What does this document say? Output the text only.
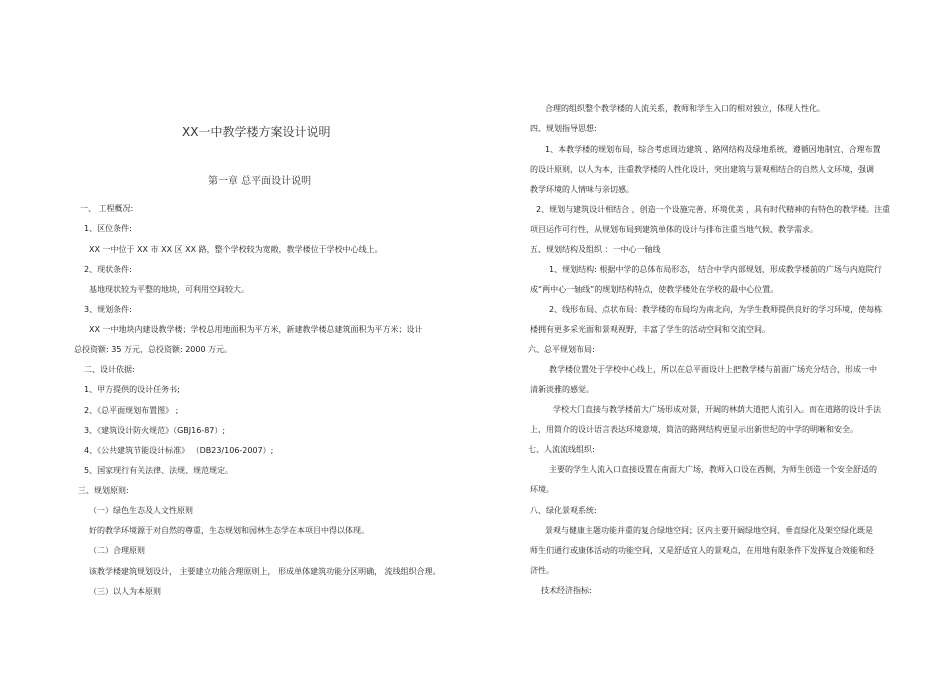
XX一中教学楼方案设计说明

第一章 总平面设计说明

一、 工程概况:

1、区位条件:

XX 一中位于 XX 市 XX 区 XX 路，整个学校较为宽敞，教学楼位于学校中心线上。

2、现状条件:

基地现状较为平整的地块，可利用空间较大。

3、规划条件:

XX 一中地块内建设教学楼；学校总用地面积为平方米，新建教学楼总建筑面积为平方米；设计

总投资额: 35 万元，总投资额: 2000 万元。

二、设计依据:

1、甲方提供的设计任务书;

2、《总平面规划布置图》 ;

3、《建筑设计防火规范》（GBJ16-87）;

4、《公共建筑节能设计标准》 （DB23/106-2007）;

5、国家现行有关法律、法规、规范规定。

三、规划原则:

（一）绿色生态及人文性原则

好的教学环境源于对自然的尊重，生态规划和园林生态学在本项目中得以体现。

（二）合理原则

该教学楼建筑规划设计， 主要建立功能合理原则上， 形成单体建筑功能分区明确， 流线组织合理。

（三）以人为本原则

合理的组织整个教学楼的人流关系，教师和学生入口的相对独立，体现人性化。

四、规划指导思想:

1、本教学楼的规划布局，综合考虑周边建筑 、路网结构及绿地系统，遵循因地制宜、合理布置

的设计原则，以人为本，注重教学楼的人性化设计，突出建筑与景观相结合的自然人文环境，强调

教学环境的人情味与亲切感。

2、规划与建筑设计相结合 ，创造一个设施完善、环境优美 ，具有时代精神的有特色的教学楼。注重

项目运作可行性，从规划布局到建筑单体的设计与排布注重当地气候、教学需求。

五、规划结构及组织 ：一中心一轴线

1、规划结构: 根据中学的总体布局形态， 结合中学内部规划，形成教学楼前的广场与内庭院行

成“两中心一轴线”的规划结构特点，使教学楼处在学校的最中心位置。

2、线形布局、点状布局：教学楼的布局均为南北向，为学生教师提供良好的学习环境，使每栋

楼拥有更多采光面和景观视野，丰富了学生的活动空间和交流空间。

六、总平规划布局:

教学楼位置处于学校中心线上，所以在总平面设计上把教学楼与前面广场充分结合，形成一中

清新淡雅的感觉。

学校大门直接与教学楼前大广场形成对景，开阔的林荫大道把人流引入。而在道路的设计手法

上，用简介的设计语言表达环境意境，简洁的路网结构更显示出新世纪的中学的明晰和安全。

七、人流流线组织:

主要的学生人流入口直接设置在南面大广场，教师入口设在西侧，为师生创造一个安全舒适的

环境。

八、绿化景观系统:

景观与健康主题功能并重的复合绿地空间；区内主要开阔绿地空间、垂直绿化及架空绿化既是

师生们通行或康体活动的功能空间，又是舒适宜人的景观点，在用地有限条件下发挥复合效能和经

济性。

技术经济指标:
